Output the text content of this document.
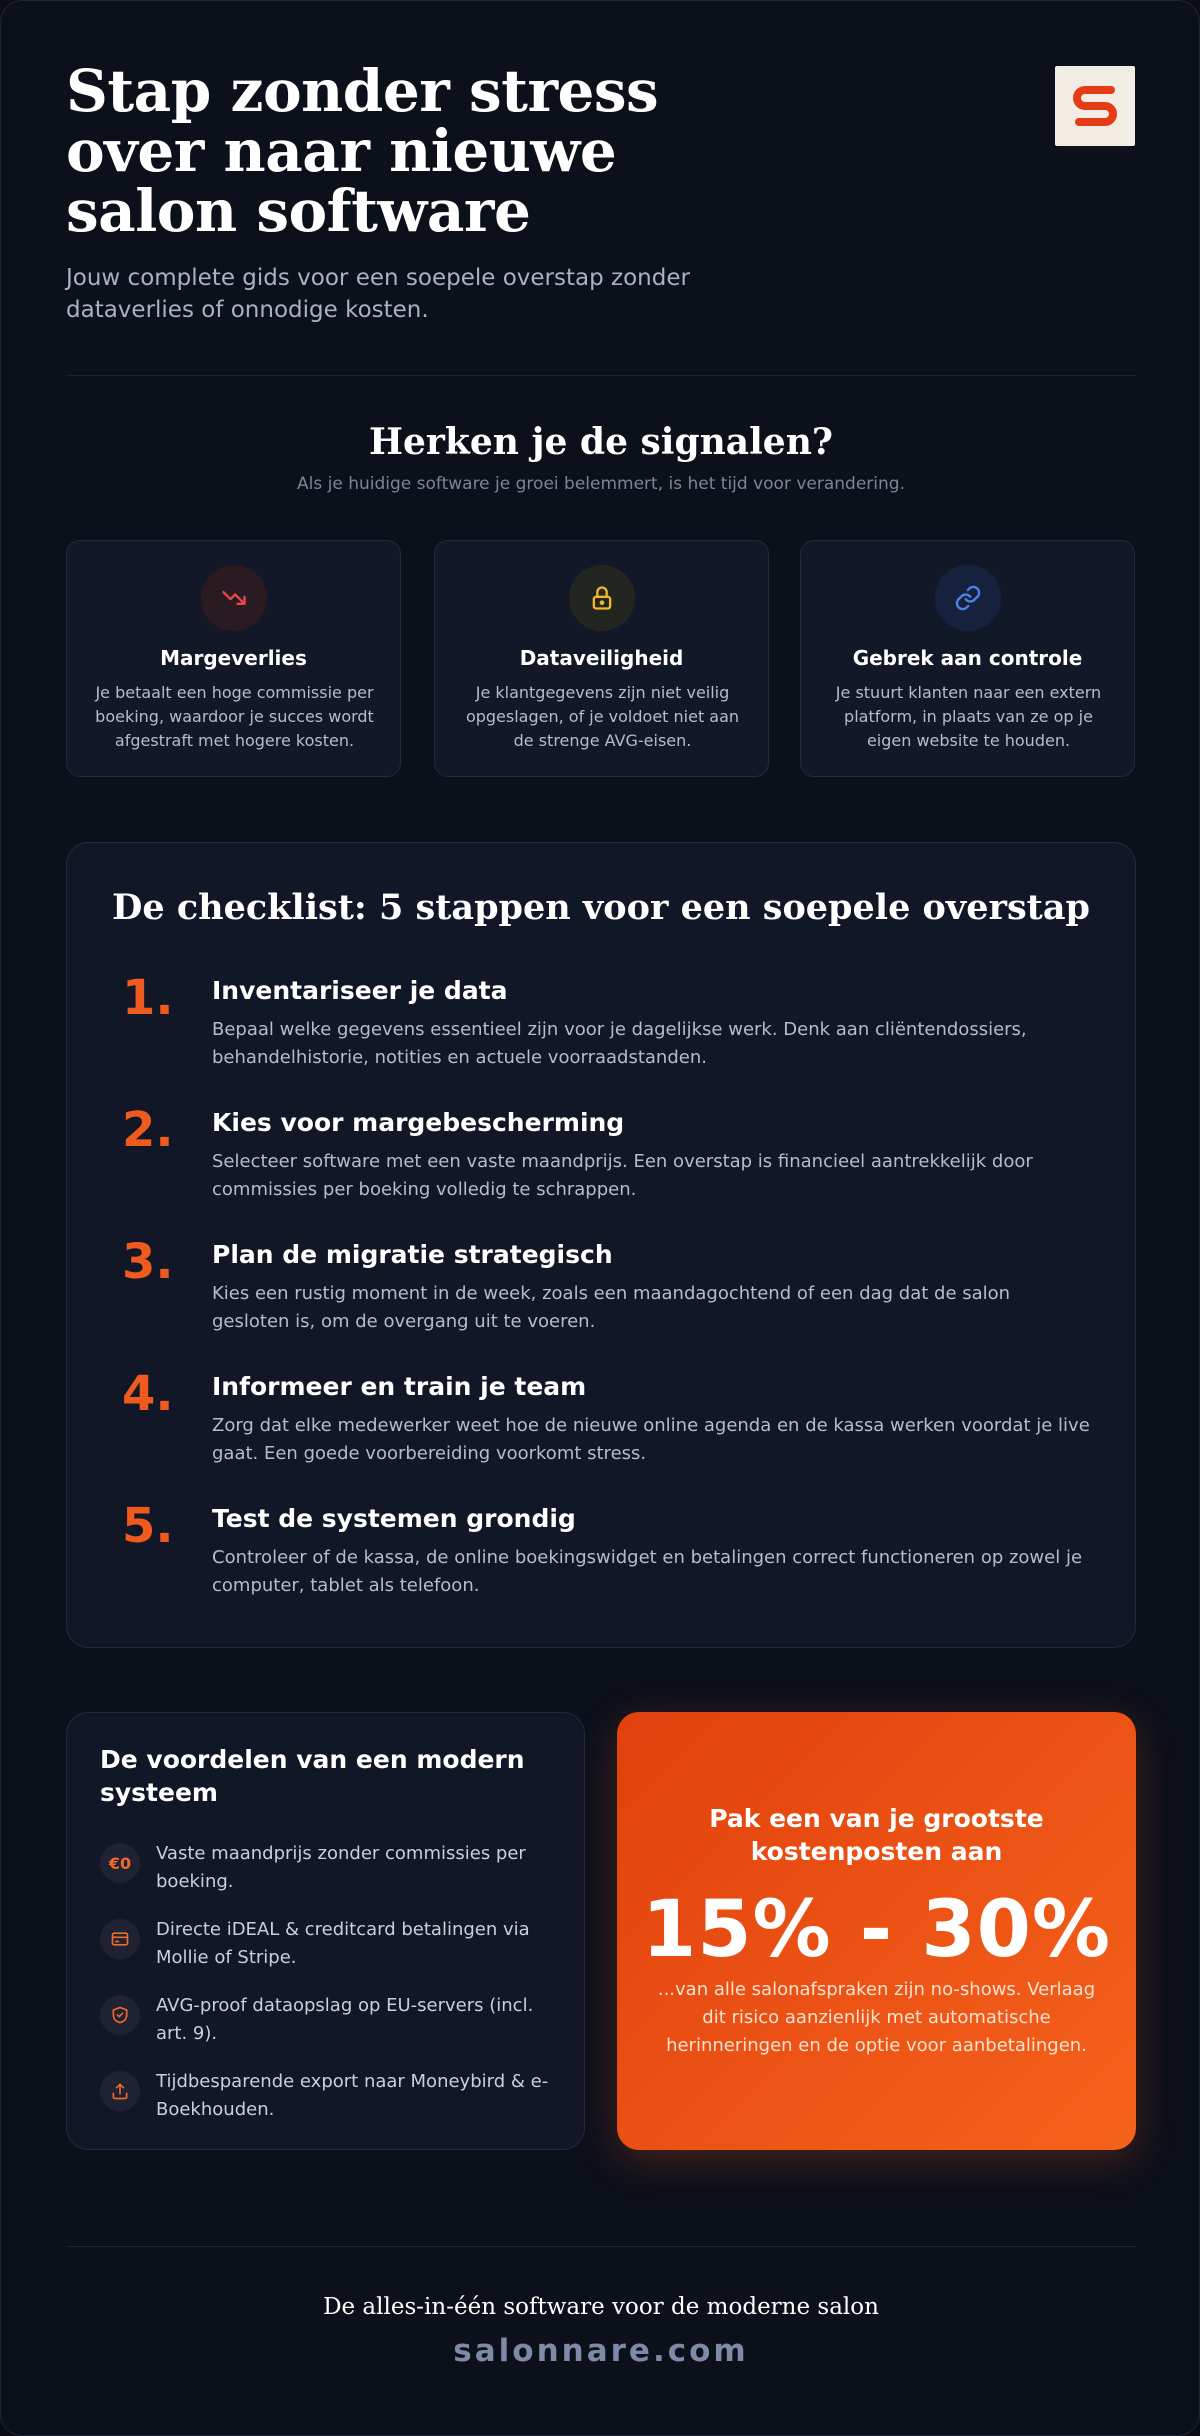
Stap zonder stress
over naar nieuwe
salon software
Jouw complete gids voor een soepele overstap zonder
dataverlies of onnodige kosten.
Herken je de signalen?
Als je huidige software je groei belemmert, is het tijd voor verandering.
Margeverlies
Je betaalt een hoge commissie per boeking, waardoor je succes wordt afgestraft met hogere kosten.
Dataveiligheid
Je klantgegevens zijn niet veilig opgeslagen, of je voldoet niet aan de strenge AVG-eisen.
Gebrek aan controle
Je stuurt klanten naar een extern platform, in plaats van ze op je eigen website te houden.
De checklist: 5 stappen voor een soepele overstap
1. Inventariseer je data
Bepaal welke gegevens essentieel zijn voor je dagelijkse werk. Denk aan cliëntendossiers, behandelhistorie, notities en actuele voorraadstanden.
2. Kies voor margebescherming
Selecteer software met een vaste maandprijs. Een overstap is financieel aantrekkelijk door commissies per boeking volledig te schrappen.
3. Plan de migratie strategisch
Kies een rustig moment in de week, zoals een maandagochtend of een dag dat de salon gesloten is, om de overgang uit te voeren.
4. Informeer en train je team
Zorg dat elke medewerker weet hoe de nieuwe online agenda en de kassa werken voordat je live gaat. Een goede voorbereiding voorkomt stress.
5. Test de systemen grondig
Controleer of de kassa, de online boekingswidget en betalingen correct functioneren op zowel je computer, tablet als telefoon.
De voordelen van een modern systeem
€0	Vaste maandprijs zonder commissies per boeking.
Directe iDEAL & creditcard betalingen via Mollie of Stripe.
AVG-proof dataopslag op EU-servers (incl. art. 9).
Tijdbesparende export naar Moneybird & e-Boekhouden.
Pak een van je grootste kostenposten aan
15% - 30%
...van alle salonafspraken zijn no-shows. Verlaag dit risico aanzienlijk met automatische herinneringen en de optie voor aanbetalingen.
De alles-in-één software voor de moderne salon
salonnare.com
